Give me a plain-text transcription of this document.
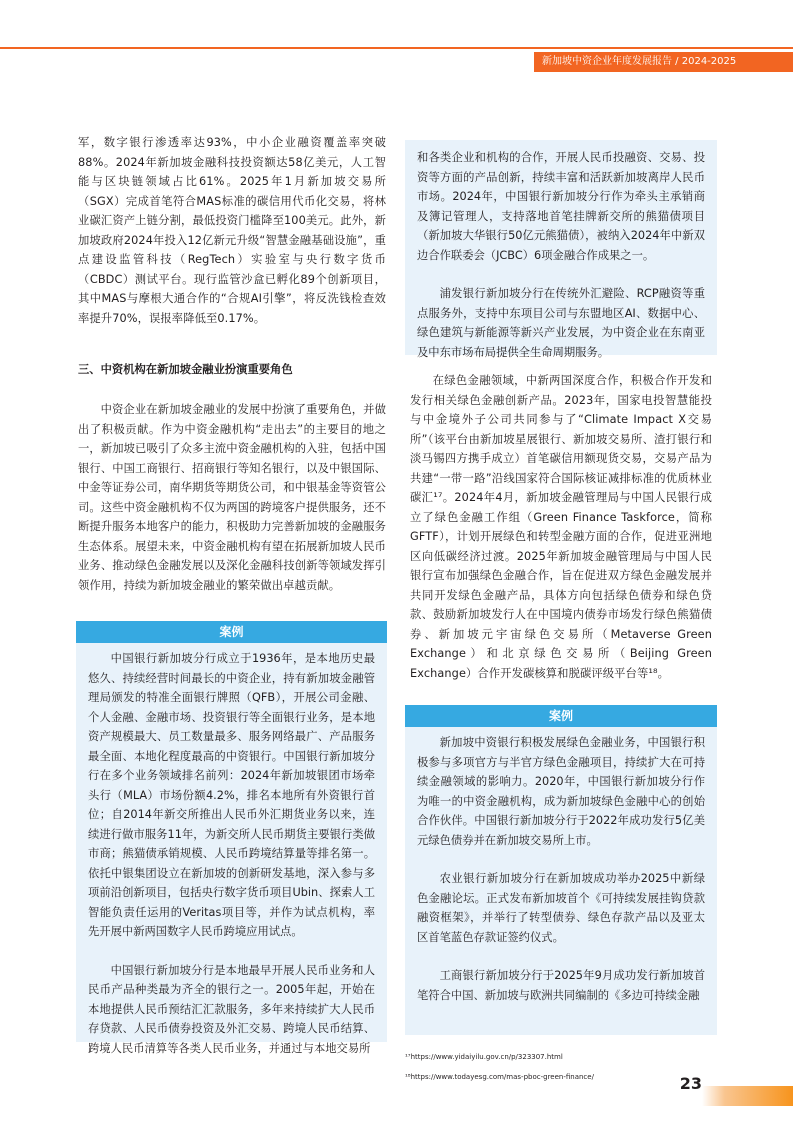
新加坡中资企业年度发展报告 / 2024-2025

军，数字银行渗透率达93%，中小企业融资覆盖率突破88%。2024年新加坡金融科技投资额达58亿美元，人工智能与区块链领域占比61%。2025年1月新加坡交易所（SGX）完成首笔符合MAS标准的碳信用代币化交易，将林业碳汇资产上链分割，最低投资门槛降至100美元。此外，新加坡政府2024年投入12亿新元升级“智慧金融基础设施”，重点建设监管科技（RegTech）实验室与央行数字货币（CBDC）测试平台。现行监管沙盒已孵化89个创新项目，其中MAS与摩根大通合作的“合规AI引擎”，将反洗钱检查效率提升70%，误报率降低至0.17%。

三、中资机构在新加坡金融业扮演重要角色

中资企业在新加坡金融业的发展中扮演了重要角色，并做出了积极贡献。作为中资金融机构“走出去”的主要目的地之一，新加坡已吸引了众多主流中资金融机构的入驻，包括中国银行、中国工商银行、招商银行等知名银行，以及中银国际、中金等证券公司，南华期货等期货公司，和中银基金等资管公司。这些中资金融机构不仅为两国的跨境客户提供服务，还不断提升服务本地客户的能力，积极助力完善新加坡的金融服务生态体系。展望未来，中资金融机构有望在拓展新加坡人民币业务、推动绿色金融发展以及深化金融科技创新等领域发挥引领作用，持续为新加坡金融业的繁荣做出卓越贡献。

案例

中国银行新加坡分行成立于1936年，是本地历史最悠久、持续经营时间最长的中资企业，持有新加坡金融管理局颁发的特准全面银行牌照（QFB），开展公司金融、个人金融、金融市场、投资银行等全面银行业务，是本地资产规模最大、员工数量最多、服务网络最广、产品服务最全面、本地化程度最高的中资银行。中国银行新加坡分行在多个业务领域排名前列：2024年新加坡银团市场牵头行（MLA）市场份额4.2%，排名本地所有外资银行首位；自2014年新交所推出人民币外汇期货业务以来，连续进行做市服务11年，为新交所人民币期货主要银行类做市商；熊猫债承销规模、人民币跨境结算量等排名第一。依托中银集团设立在新加坡的创新研发基地，深入参与多项前沿创新项目，包括央行数字货币项目Ubin、探索人工智能负责任运用的Veritas项目等，并作为试点机构，率先开展中新两国数字人民币跨境应用试点。

中国银行新加坡分行是本地最早开展人民币业务和人民币产品种类最为齐全的银行之一。2005年起，开始在本地提供人民币预结汇汇款服务，多年来持续扩大人民币存贷款、人民币债券投资及外汇交易、跨境人民币结算、跨境人民币清算等各类人民币业务，并通过与本地交易所

和各类企业和机构的合作，开展人民币投融资、交易、投资等方面的产品创新，持续丰富和活跃新加坡离岸人民币市场。2024年，中国银行新加坡分行作为牵头主承销商及簿记管理人，支持落地首笔挂牌新交所的熊猫债项目（新加坡大华银行50亿元熊猫债），被纳入2024年中新双边合作联委会（JCBC）6项金融合作成果之一。

浦发银行新加坡分行在传统外汇避险、RCP融资等重点服务外，支持中东项目公司与东盟地区AI、数据中心、绿色建筑与新能源等新兴产业发展，为中资企业在东南亚及中东市场布局提供全生命周期服务。

在绿色金融领域，中新两国深度合作，积极合作开发和发行相关绿色金融创新产品。2023年，国家电投智慧能投与中金境外子公司共同参与了“Climate Impact X交易所”（该平台由新加坡星展银行、新加坡交易所、渣打银行和淡马锡四方携手成立）首笔碳信用额现货交易，交易产品为共建“一带一路”沿线国家符合国际核证减排标准的优质林业碳汇¹⁷。2024年4月，新加坡金融管理局与中国人民银行成立了绿色金融工作组（Green Finance Taskforce，简称GFTF），计划开展绿色和转型金融方面的合作，促进亚洲地区向低碳经济过渡。2025年新加坡金融管理局与中国人民银行宣布加强绿色金融合作，旨在促进双方绿色金融发展并共同开发绿色金融产品，具体方向包括绿色债券和绿色贷款、鼓励新加坡发行人在中国境内债券市场发行绿色熊猫债券、新加坡元宇宙绿色交易所（Metaverse Green Exchange）和北京绿色交易所（Beijing Green Exchange）合作开发碳核算和脱碳评级平台等¹⁸。

案例

新加坡中资银行积极发展绿色金融业务，中国银行积极参与多项官方与半官方绿色金融项目，持续扩大在可持续金融领域的影响力。2020年，中国银行新加坡分行作为唯一的中资金融机构，成为新加坡绿色金融中心的创始合作伙伴。中国银行新加坡分行于2022年成功发行5亿美元绿色债券并在新加坡交易所上市。

农业银行新加坡分行在新加坡成功举办2025中新绿色金融论坛。正式发布新加坡首个《可持续发展挂钩贷款融资框架》，并举行了转型债券、绿色存款产品以及亚太区首笔蓝色存款证签约仪式。

工商银行新加坡分行于2025年9月成功发行新加坡首笔符合中国、新加坡与欧洲共同编制的《多边可持续金融

¹⁷https://www.yidaiyilu.gov.cn/p/323307.html

¹⁸https://www.todayesg.com/mas-pboc-green-finance/	23
